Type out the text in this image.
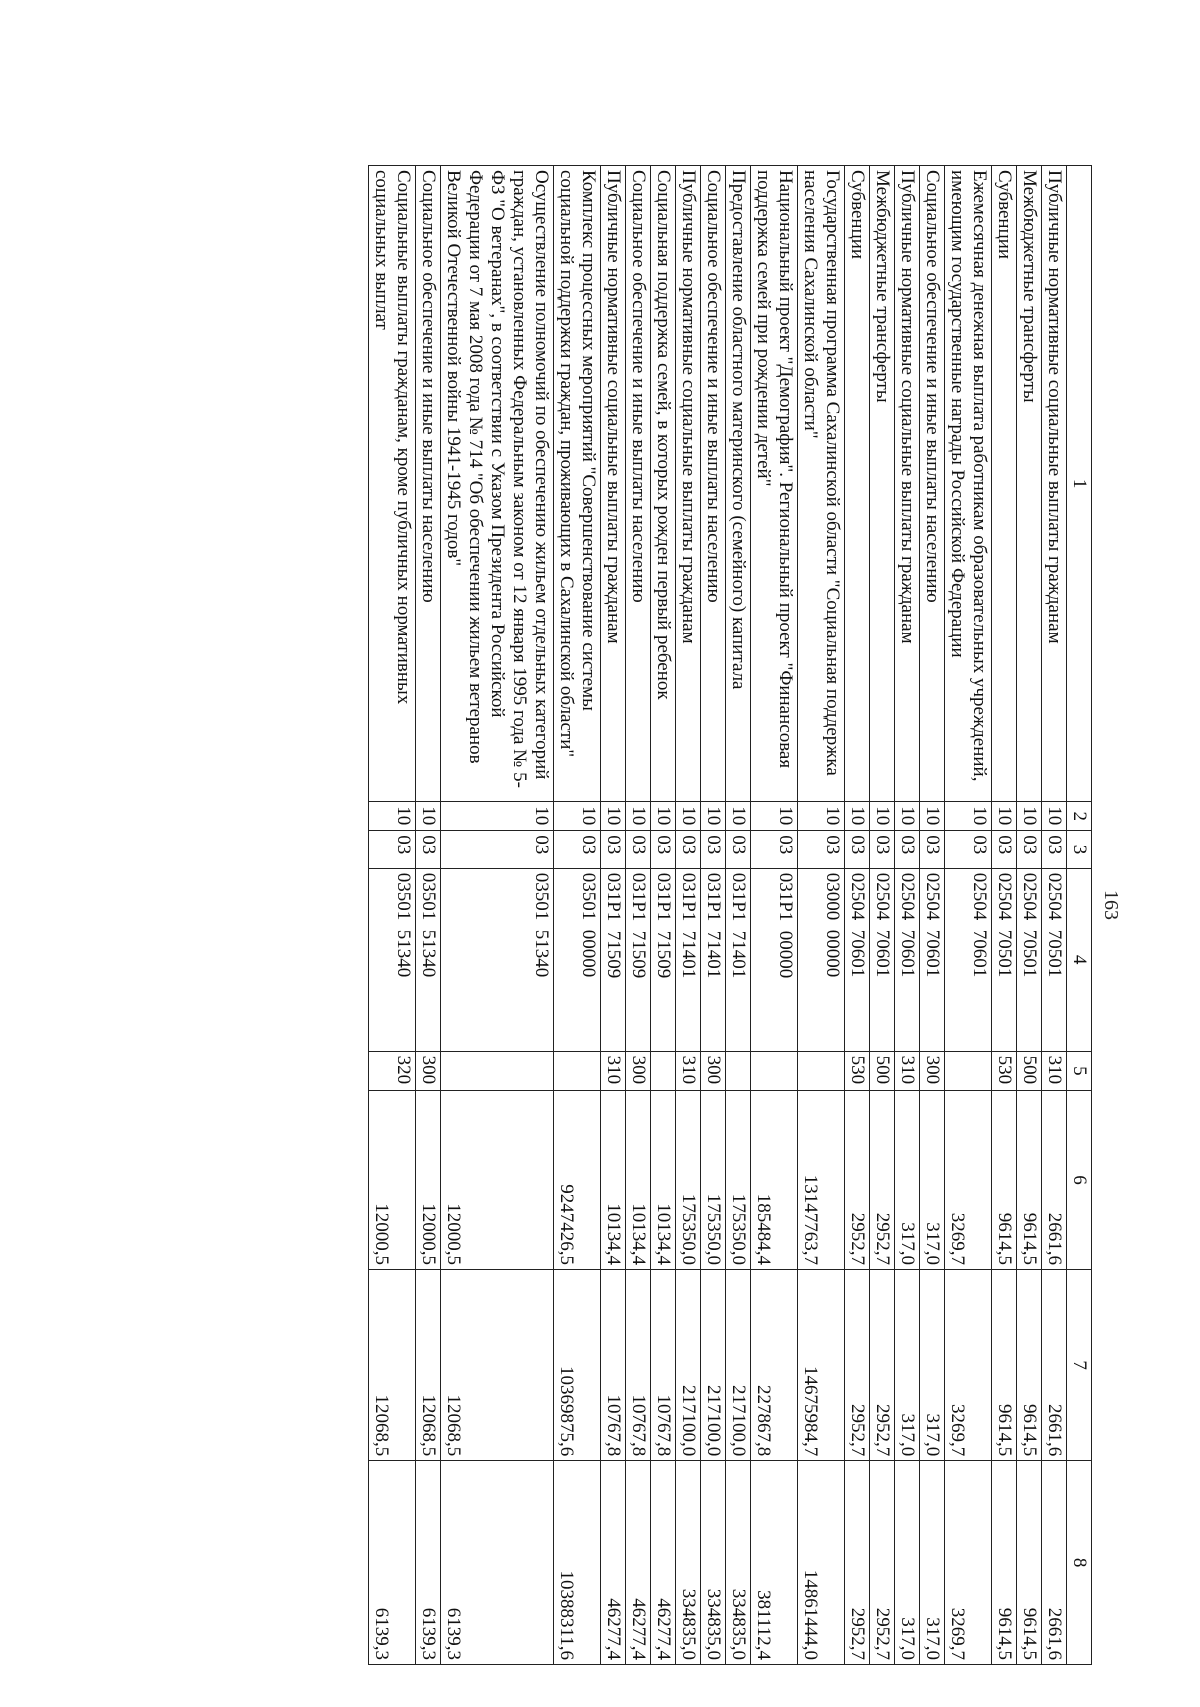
163
1	2	3	4	5	6	7	8
Публичные нормативные социальные выплаты гражданам	10	03	02504  70501	310	2661,6	2661,6	2661,6
Межбюджетные трансферты	10	03	02504  70501	500	9614,5	9614,5	9614,5
Субвенции	10	03	02504  70501	530	9614,5	9614,5	9614,5
Ежемесячная денежная выплата работникам образовательных учреждений, имеющим государственные награды Российской Федерации	10	03	02504  70601		3269,7	3269,7	3269,7
Социальное обеспечение и иные выплаты населению	10	03	02504  70601	300	317,0	317,0	317,0
Публичные нормативные социальные выплаты гражданам	10	03	02504  70601	310	317,0	317,0	317,0
Межбюджетные трансферты	10	03	02504  70601	500	2952,7	2952,7	2952,7
Субвенции	10	03	02504  70601	530	2952,7	2952,7	2952,7
Государственная программа Сахалинской области "Социальная поддержка населения Сахалинской области"	10	03	03000  00000		13147763,7	14675984,7	14861444,0
Национальный проект "Демография". Региональный проект "Финансовая поддержка семей при рождении детей"	10	03	031P1  00000		185484,4	227867,8	381112,4
Предоставление областного материнского (семейного) капитала	10	03	031P1  71401		175350,0	217100,0	334835,0
Социальное обеспечение и иные выплаты населению	10	03	031P1  71401	300	175350,0	217100,0	334835,0
Публичные нормативные социальные выплаты гражданам	10	03	031P1  71401	310	175350,0	217100,0	334835,0
Социальная поддержка семей, в которых рожден первый ребенок	10	03	031P1  71509		10134,4	10767,8	46277,4
Социальное обеспечение и иные выплаты населению	10	03	031P1  71509	300	10134,4	10767,8	46277,4
Публичные нормативные социальные выплаты гражданам	10	03	031P1  71509	310	10134,4	10767,8	46277,4
Комплекс процессных мероприятий "Совершенствование системы социальной поддержки граждан, проживающих в Сахалинской области"	10	03	03501  00000		9247426,5	10369875,6	10388311,6
Осуществление полномочий по обеспечению жильем отдельных категорий граждан, установленных Федеральным законом от 12 января 1995 года № 5-ФЗ "О ветеранах", в соответствии с Указом Президента Российской Федерации от 7 мая 2008 года № 714 "Об обеспечении жильем ветеранов Великой Отечественной войны 1941-1945 годов"	10	03	03501  51340		12000,5	12068,5	6139,3
Социальное обеспечение и иные выплаты населению	10	03	03501  51340	300	12000,5	12068,5	6139,3
Социальные выплаты гражданам, кроме публичных нормативных социальных выплат	10	03	03501  51340	320	12000,5	12068,5	6139,3
